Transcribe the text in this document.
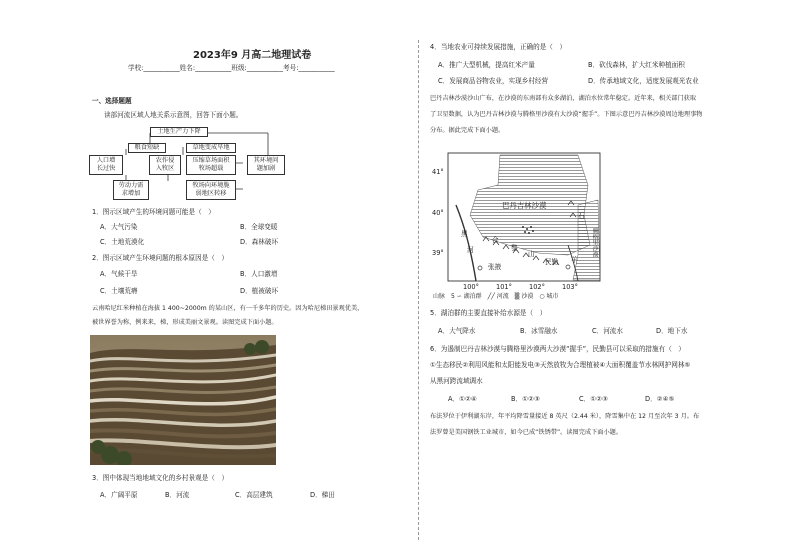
2023年9 月高二地理试卷
学校:___________姓名:___________班级:___________考号:___________
一、选择题题
读部河流区域人地关系示意图，回答下面小题。
土地生产力下降
粮食短缺	草地变成旱地
人口增
长过快
农作侵
入牧区
压缩草场面积
牧场超载
其环境问
题加剧
劳动力需
求增加
牧场向环境脆
弱地区转移
1．图示区域产生的环境问题可能是（　）
A．大气污染	B．全球变暖
C．土地荒漠化	D．森林破坏
2．图示区域产生环境问题的根本原因是（　）
A．气候干旱	B．人口激增
C．土壤荒瘠	D．植被破坏
云南哈尼红米种植在海拔 1 400~2000m 的某山区，有一千多年的历史。因为哈尼梯田景观优美，
被世界誉为称，例来来，梯，形成美丽文景观。读图完成下面小题。
3．图中体现当地地域文化的乡村景观是（　）
A．广阔平原	B．河流	C．高层建筑	D．梯田
4．当地农业可持续发展措施，正确的是（　）
A．推广大型机械，提高红米产量	B．砍伐森林，扩大红米种植面积
C．发展商品谷物农业，实现乡村经营	D．传承地域文化，适度发展观光农业
巴丹吉林沙漠沙山广布，在沙漠的东南部有众多湖泊，湖泊水位常年稳定。近年来，相关部门获取
了卫星数据，认为巴丹吉林沙漠与腾格里沙漠有大沙漠“握手”。下图示意巴丹吉林沙漠周边地理事物
分布。据此完成下面小题。
41°
40°
39°
巴丹吉林沙漠
腾格里沙漠
合
黎
山
黑
河
石
羊
张掖
民勤
100°	101°	102°	103°
山脉　5 ∽ 湖泊群　╱╱ 河流　▒ 沙漠　○ 城市
5．湖泊群的主要直接补给水源是（　）
A．大气降水	B．冰雪融水	C．河流水	D．地下水
6．为遏制巴丹吉林沙漠与腾格里沙漠两大沙漠“握手”，民勤县可以采取的措施有（　）
①生态移民②利用风能和太阳能发电③天然放牧为合理植被④大面积覆盖节水林网护网林⑤
从黑河跨流域调水
A．①②④	B．①②③	C．①②③	D．②④⑤
布法罗位于伊利湖东岸，年平均降雪量接近 8 英尺（2.44 米），降雪集中在 12 月至次年 3 月。布
法罗曾是美国钢铁工业城市，如今已成“铁锈带”。读图完成下面小题。
